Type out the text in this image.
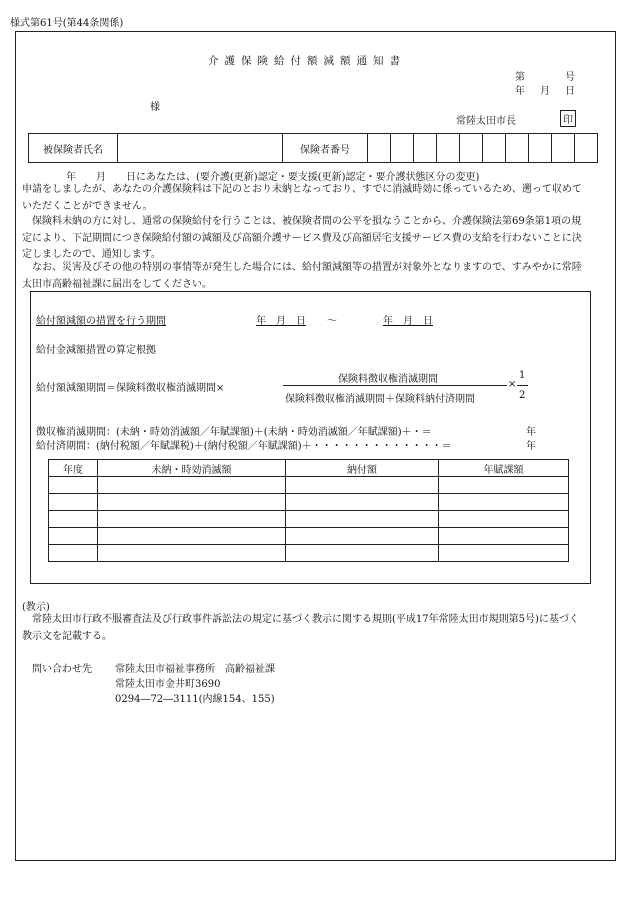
様式第61号(第44条関係)
介護保険給付額減額通知書
第	号
年 月 日
様
常陸太田市長	印
被保険者氏名		保険者番号										
年　　月　　日にあなたは、(要介護(更新)認定・要支援(更新)認定・要介護状態区分の変更)
申請をしましたが、あなたの介護保険料は下記のとおり未納となっており、すでに消滅時効に係っているため、遡って収めていただくことができません。
保険料未納の方に対し、通常の保険給付を行うことは、被保険者間の公平を損なうことから、介護保険法第69条第1項の規定により、下記期間につき保険給付額の減額及び高額介護サービス費及び高額居宅支援サービス費の支給を行わないことに決定しましたので、通知します。
なお、災害及びその他の特別の事情等が発生した場合には、給付額減額等の措置が対象外となりますので、すみやかに常陸太田市高齢福祉課に届出をしてください。
給付額減額の措置を行う期間	年　月　日 ～	年　月　日
給付金減額措置の算定根拠
給付額減額期間＝保険料徴収権消滅期間×
保険料徴収権消滅期間
保険料徴収権消滅期間＋保険料納付済期間
×
1
2
徴収権消滅期間：(未納・時効消滅額／年賦課額)＋(未納・時効消滅額／年賦課額)＋・＝	年
給付済期間：(納付税額／年賦課税)＋(納付税額／年賦課額)＋・・・・・・・・・・・・・＝	年
年度	未納・時効消滅額	納付額	年賦課額

(教示)
常陸太田市行政不服審査法及び行政事件訴訟法の規定に基づく教示に関する規則(平成17年常陸太田市規則第5号)に基づく教示文を記載する。
問い合わせ先 常陸太田市福祉事務所　高齢福祉課
常陸太田市金井町3690
0294―72―3111(内線154、155)
